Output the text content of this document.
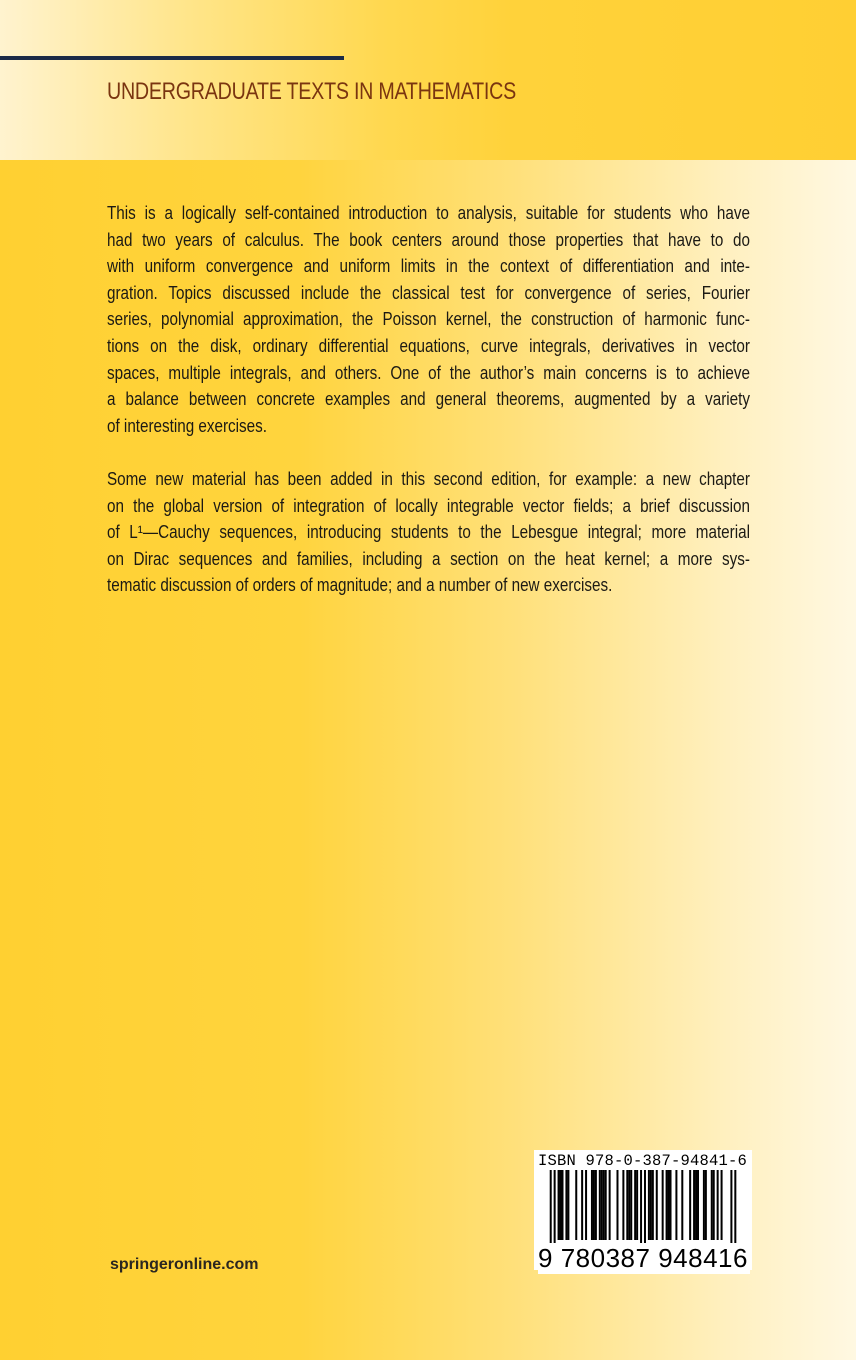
UNDERGRADUATE TEXTS IN MATHEMATICS
This is a logically self-contained introduction to analysis, suitable for students who have
had two years of calculus. The book centers around those properties that have to do
with uniform convergence and uniform limits in the context of differentiation and inte-
gration. Topics discussed include the classical test for convergence of series, Fourier
series, polynomial approximation, the Poisson kernel, the construction of harmonic func-
tions on the disk, ordinary differential equations, curve integrals, derivatives in vector
spaces, multiple integrals, and others. One of the author’s main concerns is to achieve
a balance between concrete examples and general theorems, augmented by a variety
of interesting exercises.
Some new material has been added in this second edition, for example: a new chapter
on the global version of integration of locally integrable vector fields; a brief discussion
of L¹—Cauchy sequences, introducing students to the Lebesgue integral; more material
on Dirac sequences and families, including a section on the heat kernel; a more sys-
tematic discussion of orders of magnitude; and a number of new exercises.
ISBN 978-0-387-94841-6
9 780387 948416
springeronline.com
